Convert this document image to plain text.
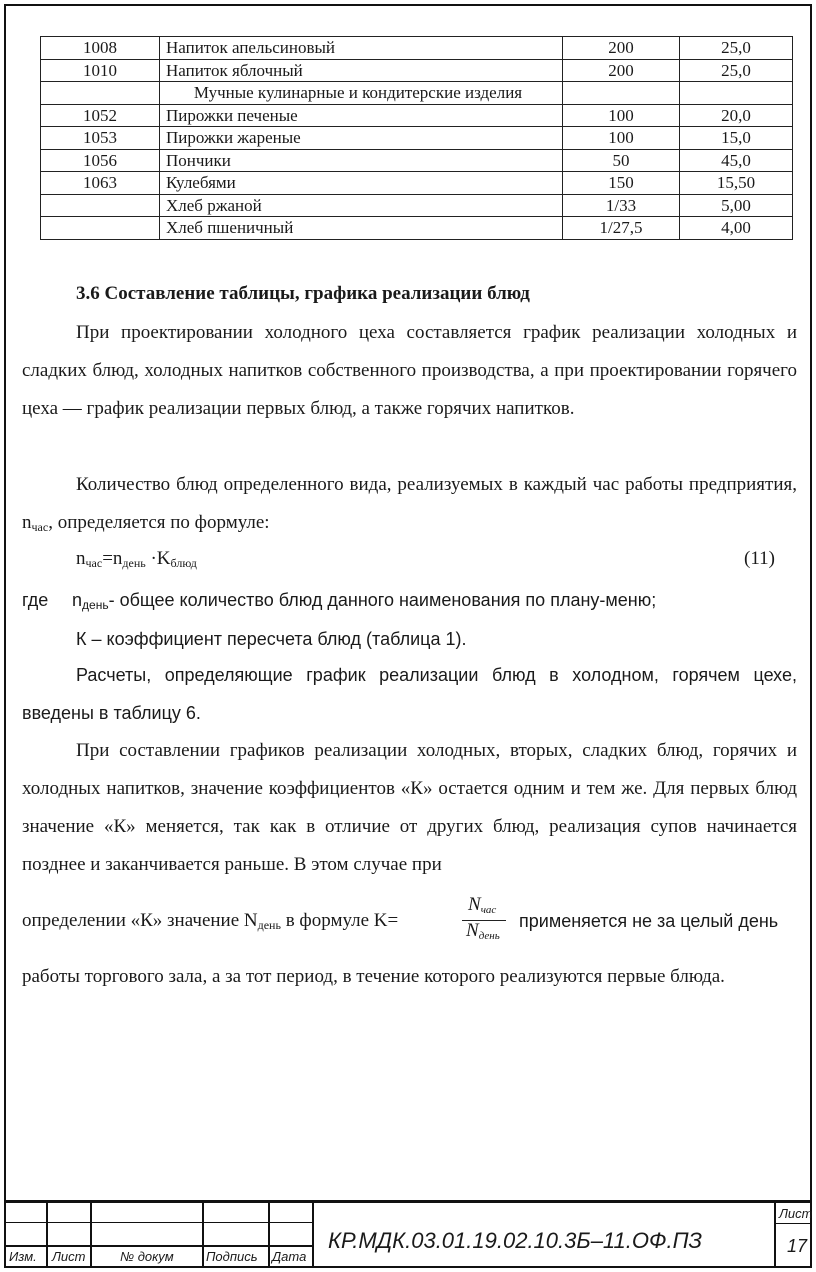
1008	Напиток апельсиновый	200	25,0
1010	Напиток яблочный	200	25,0
	Мучные кулинарные и кондитерские изделия		
1052	Пирожки печеные	100	20,0
1053	Пирожки жареные	100	15,0
1056	Пончики	50	45,0
1063	Кулебями	150	15,50
	Хлеб ржаной	1/33	5,00
	Хлеб пшеничный	1/27,5	4,00
3.6 Составление таблицы, графика реализации блюд

При проектировании холодного цеха составляется график реализации холодных и сладких блюд, холодных напитков собственного производства, а при проектировании горячего цеха — график реализации первых блюд, а также горячих напитков.

Количество блюд определенного вида, реализуемых в каждый час работы предприятия, $n_{час}$, определяется по формуле:

$n_{час}=n_{день} \cdot K_{блюд}$	(11)
где $n_{день}-$ общее количество блюд данного наименования по плану-меню;
К – коэффициент пересчета блюд (таблица 1).

Расчеты, определяющие график реализации блюд в холодном, горячем цехе, введены в таблицу 6.

При составлении графиков реализации холодных, вторых, сладких блюд, горячих и холодных напитков, значение коэффициентов «К» остается одним и тем же. Для первых блюд значение «К» меняется, так как в отличие от других блюд, реализация супов начинается позднее и заканчивается раньше. В этом случае при

определении «К» значение $N_{день}$ в формуле K=
$N_{час}$
$N_{день}$
применяется не за целый день

работы торгового зала, а за тот период, в течение которого реализуются первые блюда.

Изм. Лист	№ докум Подпись Дата
КР.МДК.03.01.19.02.10.3Б–11.ОФ.ПЗ
Лист
17
